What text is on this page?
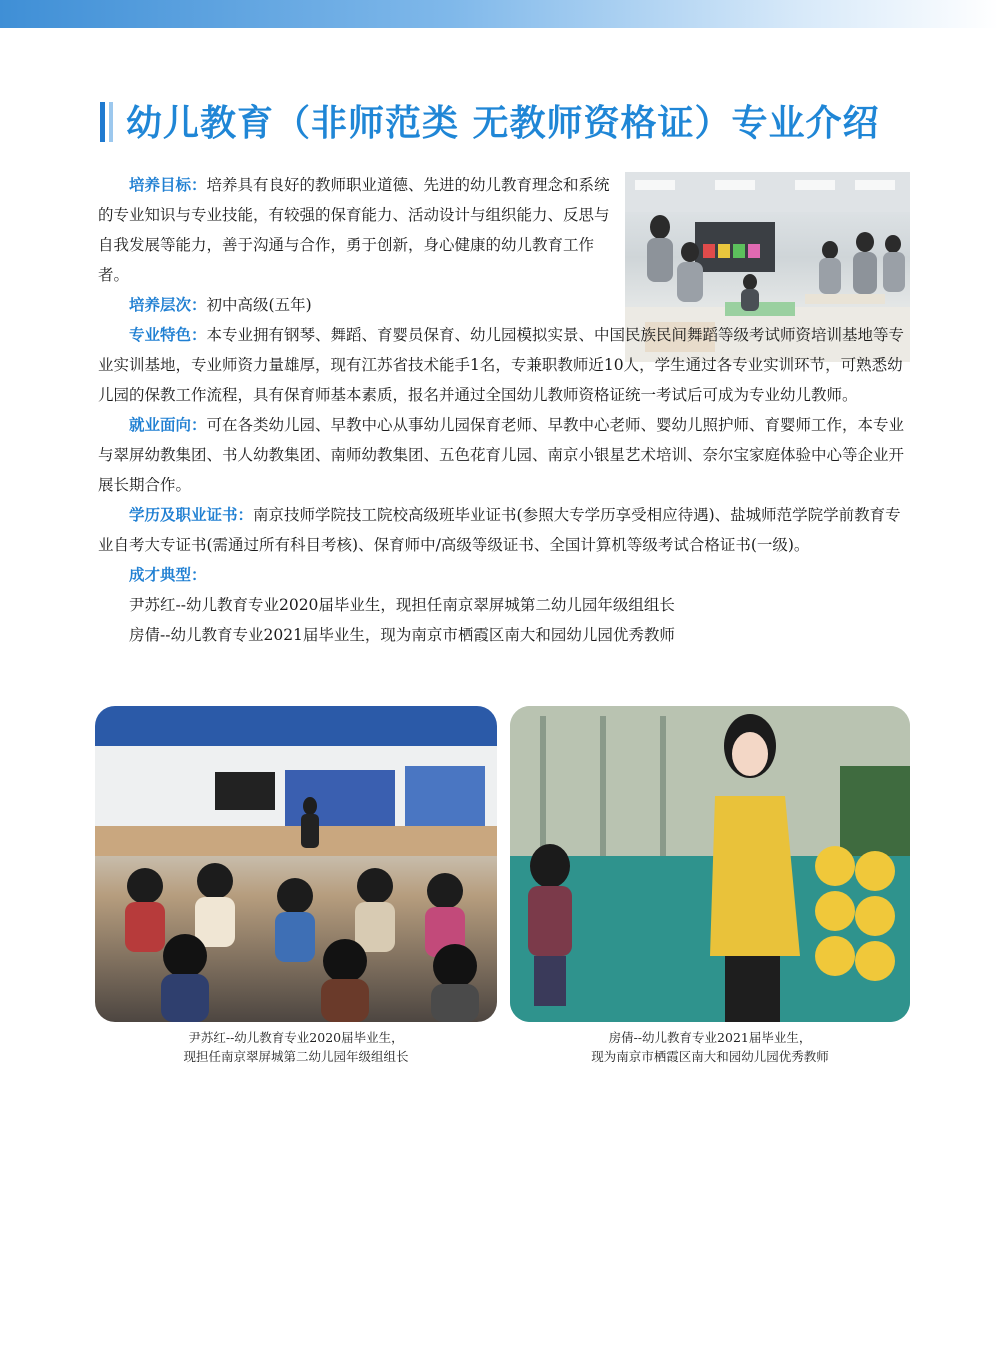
幼儿教育（非师范类 无教师资格证）专业介绍

培养目标：培养具有良好的教师职业道德、先进的幼儿教育理念和系统的专业知识与专业技能，有较强的保育能力、活动设计与组织能力、反思与自我发展等能力，善于沟通与合作，勇于创新，身心健康的幼儿教育工作者。

培养层次：初中高级(五年)

专业特色：本专业拥有钢琴、舞蹈、育婴员保育、幼儿园模拟实景、中国民族民间舞蹈等级考试师资培训基地等专业实训基地，专业师资力量雄厚，现有江苏省技术能手1名，专兼职教师近10人，学生通过各专业实训环节，可熟悉幼儿园的保教工作流程，具有保育师基本素质，报名并通过全国幼儿教师资格证统一考试后可成为专业幼儿教师。

就业面向：可在各类幼儿园、早教中心从事幼儿园保育老师、早教中心老师、婴幼儿照护师、育婴师工作，本专业与翠屏幼教集团、书人幼教集团、南师幼教集团、五色花育儿园、南京小银星艺术培训、奈尔宝家庭体验中心等企业开展长期合作。

学历及职业证书：南京技师学院技工院校高级班毕业证书(参照大专学历享受相应待遇)、盐城师范学院学前教育专业自考大专证书(需通过所有科目考核)、保育师中/高级等级证书、全国计算机等级考试合格证书(一级)。

成才典型：

尹苏红--幼儿教育专业2020届毕业生，现担任南京翠屏城第二幼儿园年级组组长

房倩--幼儿教育专业2021届毕业生，现为南京市栖霞区南大和园幼儿园优秀教师

尹苏红--幼儿教育专业2020届毕业生，
现担任南京翠屏城第二幼儿园年级组组长
房倩--幼儿教育专业2021届毕业生，
现为南京市栖霞区南大和园幼儿园优秀教师
